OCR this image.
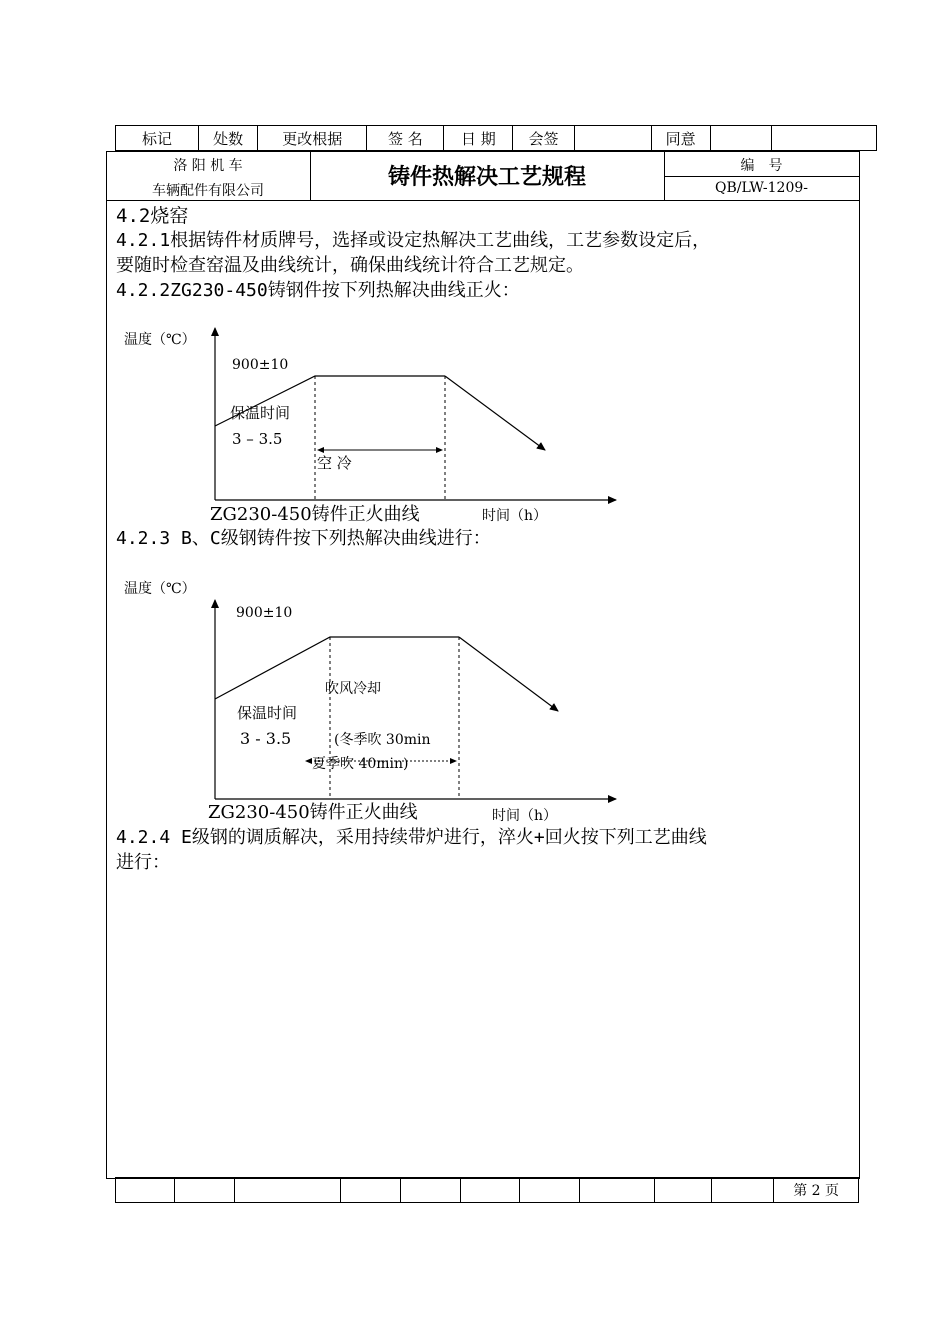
标记	处数	更改根据	签 名	日 期	会签		同意		
洛 阳 机 车
车辆配件有限公司
铸件热解决工艺规程	编　号
QB/LW-1209-
4.2烧窑
4.2.1根据铸件材质牌号，选择或设定热解决工艺曲线，工艺参数设定后，
要随时检查窑温及曲线统计，确保曲线统计符合工艺规定。
4.2.2ZG230-450铸钢件按下列热解决曲线正火：
温度（℃）
900±10
保温时间
3 – 3.5
空 冷
ZG230-450铸件正火曲线	时间（h）
4.2.3 B、C级钢铸件按下列热解决曲线进行：
温度（℃）
900±10
吹风冷却
保温时间
3 - 3.5	(冬季吹 30min
夏季吹 40min)
ZG230-450铸件正火曲线	时间（h）
4.2.4 E级钢的调质解决，采用持续带炉进行，淬火+回火按下列工艺曲线
进行：
										第 2 页
